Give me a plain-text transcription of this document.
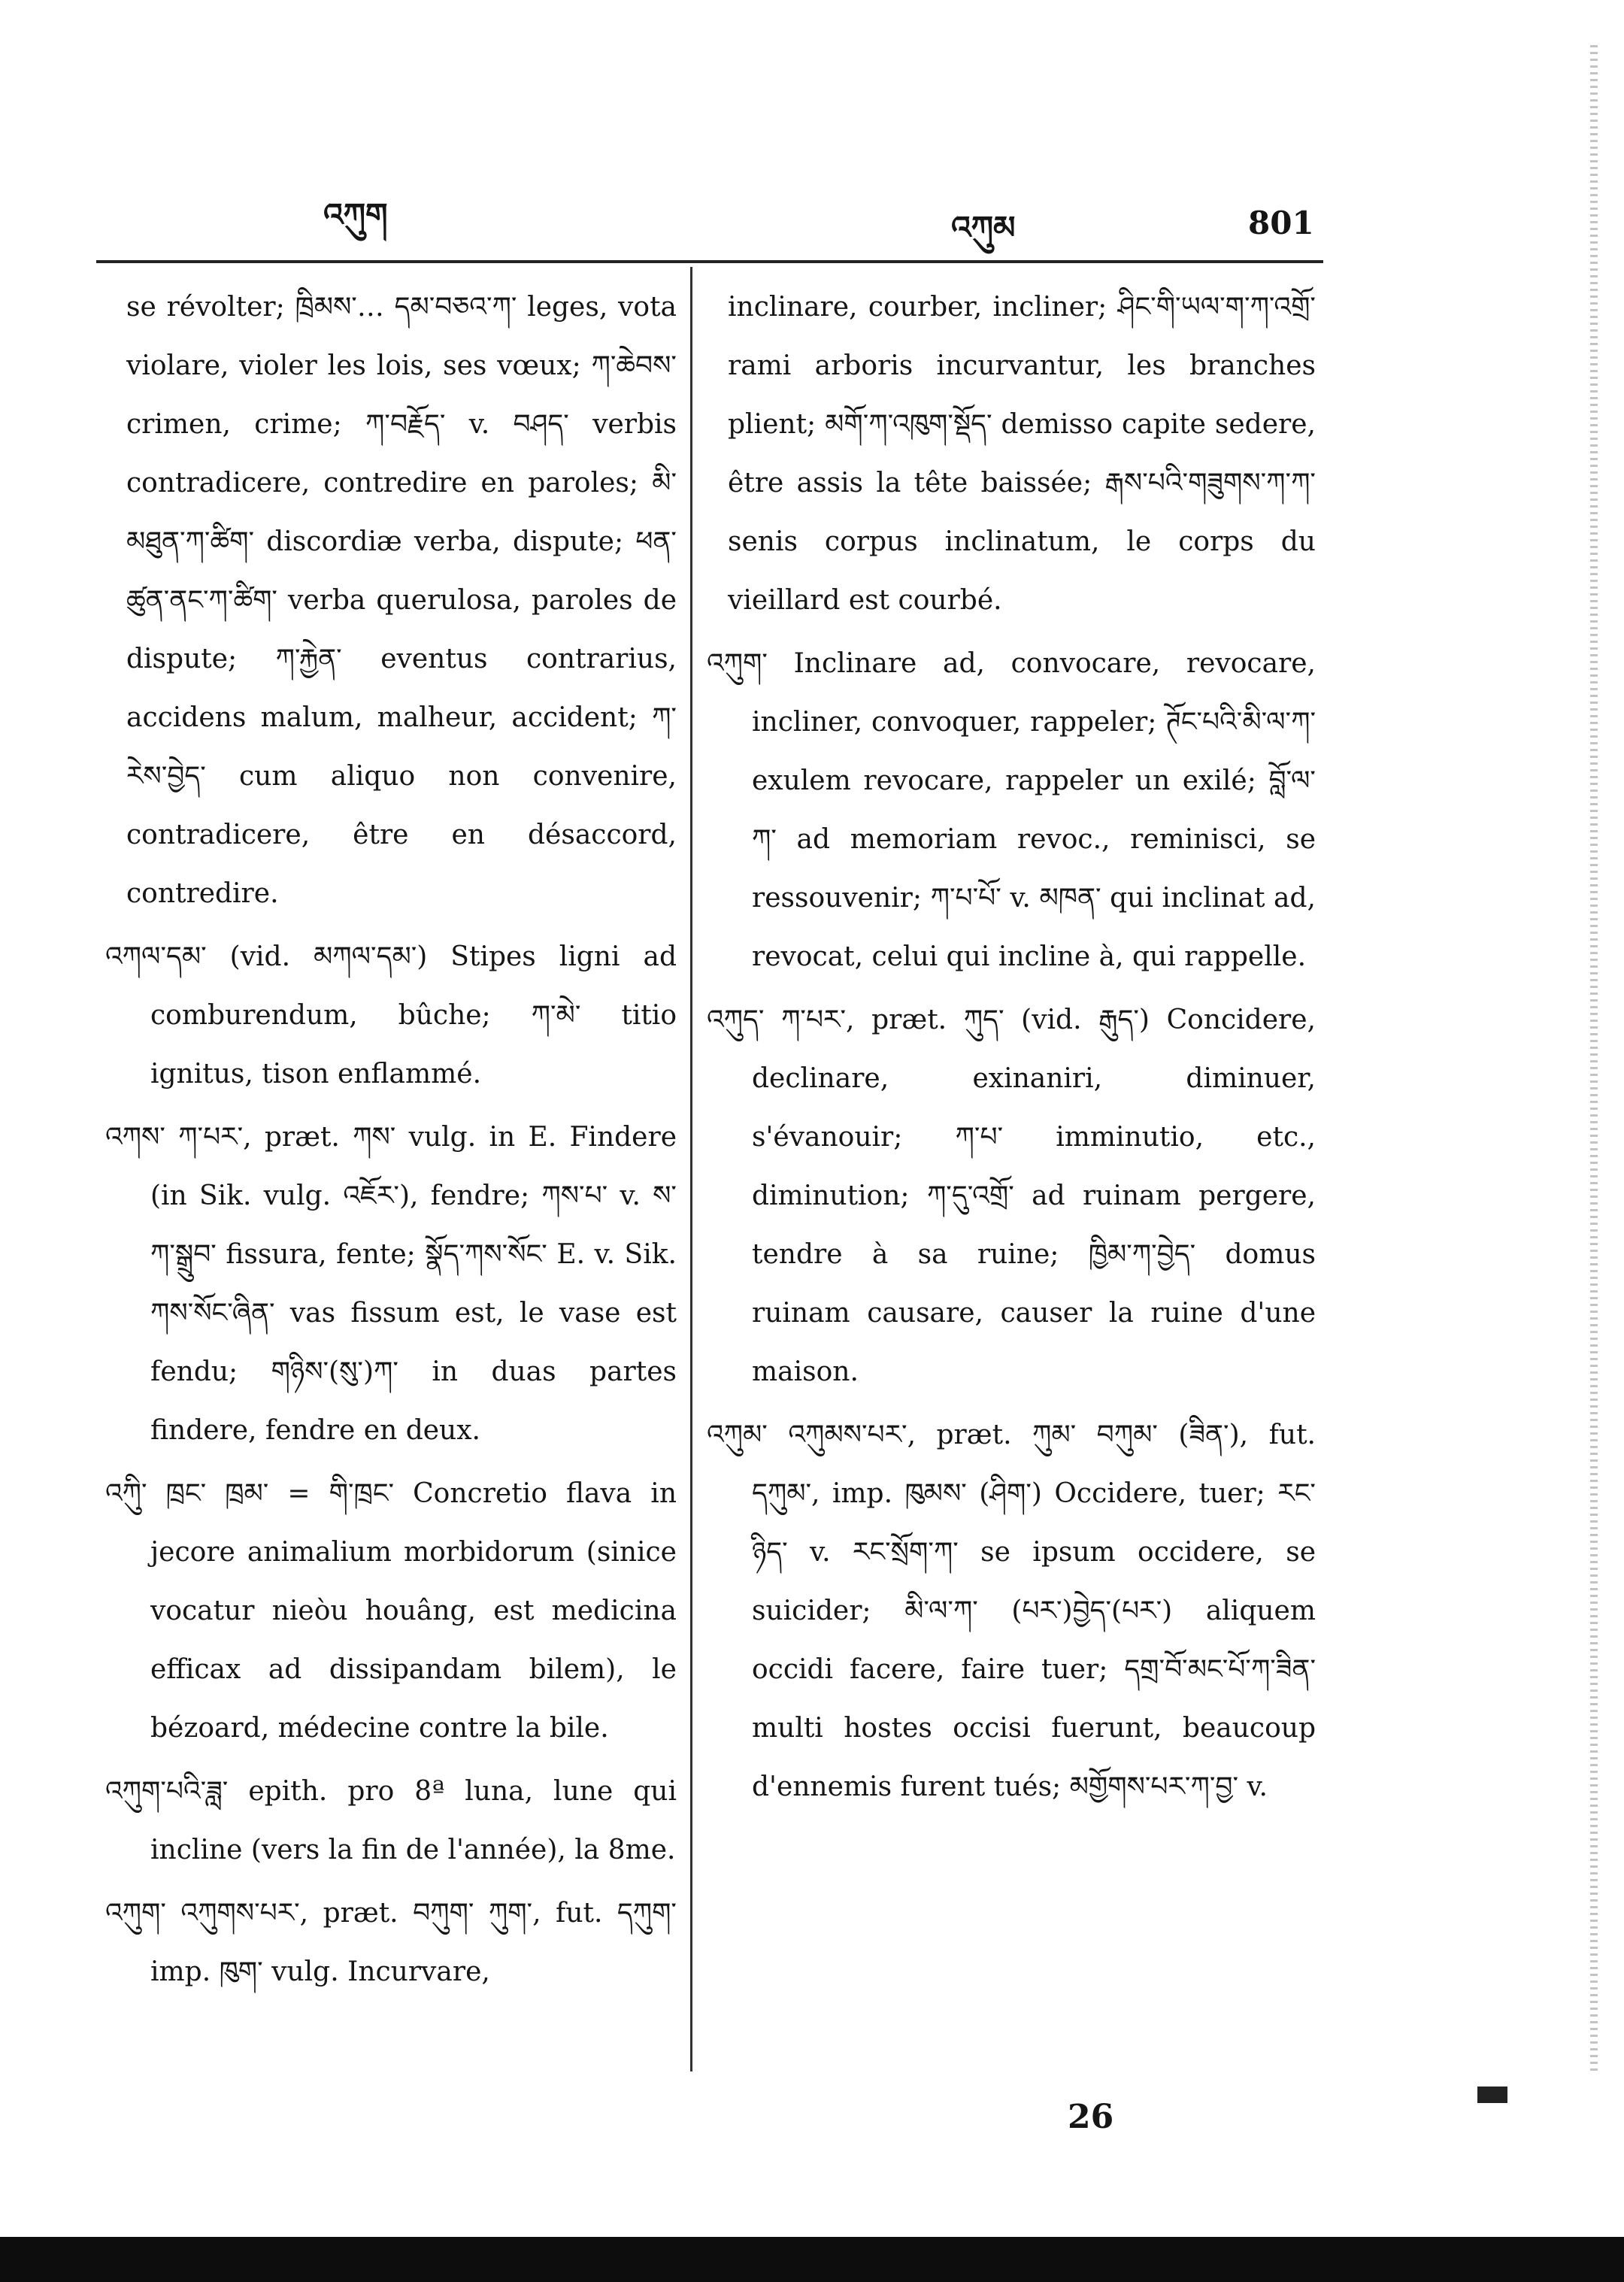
འཀུག	འཀུམ	801

se révolter; ཁྲིམས་… དམ་བཅའ་ཀ་ leges, vota violare, violer les lois, ses vœux; ཀ་ཆེབས་ crimen, crime; ཀ་བརྗོད་ v. བཤད་ verbis contradicere, contredire en paroles; མི་མཐུན་ཀ་ཚིག་ discordiæ verba, dispute; ཕན་ཚུན་ནང་ཀ་ཚིག་ verba querulosa, paroles de dispute; ཀ་རྐྱེན་ eventus contrarius, accidens malum, malheur, accident; ཀ་རེས་བྱེད་ cum aliquo non convenire, contradicere, être en désaccord, contredire.

འཀལ་དམ་ (vid. མཀལ་དམ་) Stipes ligni ad comburendum, bûche; ཀ་མེ་ titio ignitus, tison enflammé.

འཀས་ ཀ་པར་, præt. ཀས་ vulg. in E. Findere (in Sik. vulg. འཇོར་), fendre; ཀས་པ་ v. ས་ ཀ་སྒྲུབ་ fissura, fente; སྣོད་ཀས་སོང་ E. v. Sik. ཀས་སོང་ཞིན་ vas fissum est, le vase est fendu; གཉིས་(སུ་)ཀ་ in duas partes findere, fendre en deux.

འཀིུ་ ཁྲང་ ཁྲམ་ = གི་ཁྲང་ Concretio flava in jecore animalium morbidorum (sinice vocatur nieòu houâng, est medicina efficax ad dissipandam bilem), le bézoard, médecine contre la bile.

འཀུག་པའི་ཟླ་ epith. pro 8ª luna, lune qui incline (vers la fin de l'année), la 8me.

འཀུག་ འཀུགས་པར་, præt. བཀུག་ ཀུག་, fut. དཀུག་ imp. ཁུག་ vulg. Incurvare,

inclinare, courber, incliner; ཤིང་གི་ཡལ་ག་ཀ་འགྲོ་ rami arboris incurvantur, les branches plient; མགོ་ཀ་འཁུག་སྡོད་ demisso capite sedere, être assis la tête baissée; རྒས་པའི་གཟུགས་ཀ་ཀ་ senis corpus inclinatum, le corps du vieillard est courbé.

འཀུག་ Inclinare ad, convocare, revocare, incliner, convoquer, rappeler; ཊོང་པའི་མི་ལ་ཀ་ exulem revocare, rappeler un exilé; བློ་ལ་ཀ་ ad memoriam revoc., reminisci, se ressouvenir; ཀ་པ་པོ་ v. མཁན་ qui inclinat ad, revocat, celui qui incline à, qui rappelle.

འཀུད་ ཀ་པར་, præt. ཀུད་ (vid. རྒུད་) Concidere, declinare, exinaniri, diminuer, s'évanouir; ཀ་པ་ imminutio, etc., diminution; ཀ་དུ་འགྲོ་ ad ruinam pergere, tendre à sa ruine; ཁྱིམ་ཀ་བྱེད་ domus ruinam causare, causer la ruine d'une maison.

འཀུམ་ འཀུམས་པར་, præt. ཀུམ་ བཀུམ་ (ཟིན་), fut. དཀུམ་, imp. ཁུམས་ (ཤིག་) Occidere, tuer; རང་ཉིད་ v. རང་སྲོག་ཀ་ se ipsum occidere, se suicider; མི་ལ་ཀ་ (པར་)བྱེད་(པར་) aliquem occidi facere, faire tuer; དགྲ་བོ་མང་པོ་ཀ་ཟིན་ multi hostes occisi fuerunt, beaucoup d'ennemis furent tués; མགྱོགས་པར་ཀ་བྱ་ v.

26
